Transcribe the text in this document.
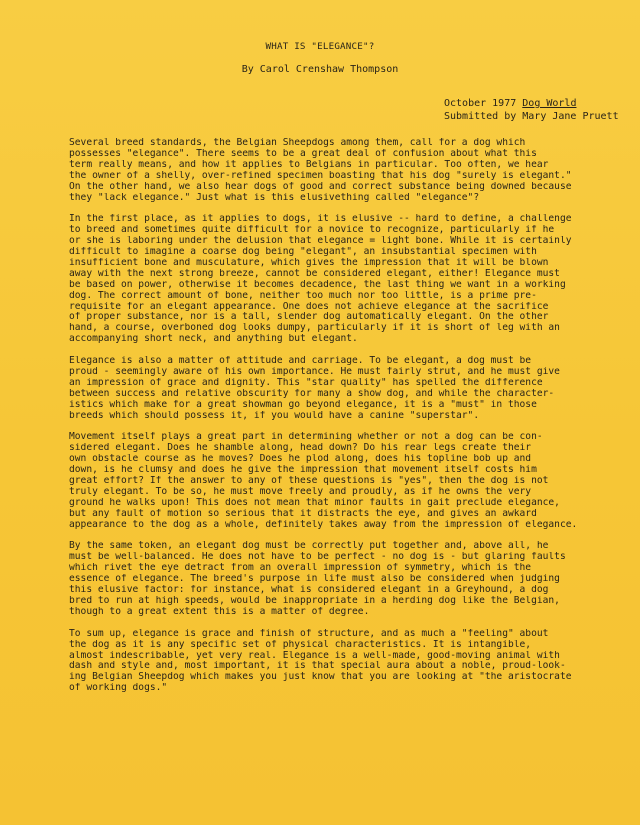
WHAT IS "ELEGANCE"?
By Carol Crenshaw Thompson
October 1977 Dog World
Submitted by Mary Jane Pruett
Several breed standards, the Belgian Sheepdogs among them, call for a dog which
possesses "elegance". There seems to be a great deal of confusion about what this
term really means, and how it applies to Belgians in particular. Too often, we hear
the owner of a shelly, over-refined specimen boasting that his dog "surely is elegant."
On the other hand, we also hear dogs of good and correct substance being downed because
they "lack elegance." Just what is this elusivething called "elegance"?
In the first place, as it applies to dogs, it is elusive -- hard to define, a challenge
to breed and sometimes quite difficult for a novice to recognize, particularly if he
or she is laboring under the delusion that elegance = light bone. While it is certainly
difficult to imagine a coarse dog being "elegant", an insubstantial specimen with
insufficient bone and musculature, which gives the impression that it will be blown
away with the next strong breeze, cannot be considered elegant, either! Elegance must
be based on power, otherwise it becomes decadence, the last thing we want in a working
dog. The correct amount of bone, neither too much nor too little, is a prime pre-
requisite for an elegant appearance. One does not achieve elegance at the sacrifice
of proper substance, nor is a tall, slender dog automatically elegant. On the other
hand, a course, overboned dog looks dumpy, particularly if it is short of leg with an
accompanying short neck, and anything but elegant.
Elegance is also a matter of attitude and carriage. To be elegant, a dog must be
proud - seemingly aware of his own importance. He must fairly strut, and he must give
an impression of grace and dignity. This "star quality" has spelled the difference
between success and relative obscurity for many a show dog, and while the character-
istics which make for a great showman go beyond elegance, it is a "must" in those
breeds which should possess it, if you would have a canine "superstar".
Movement itself plays a great part in determining whether or not a dog can be con-
sidered elegant. Does he shamble along, head down? Do his rear legs create their
own obstacle course as he moves? Does he plod along, does his topline bob up and
down, is he clumsy and does he give the impression that movement itself costs him
great effort? If the answer to any of these questions is "yes", then the dog is not
truly elegant. To be so, he must move freely and proudly, as if he owns the very
ground he walks upon! This does not mean that minor faults in gait preclude elegance,
but any fault of motion so serious that it distracts the eye, and gives an awkard
appearance to the dog as a whole, definitely takes away from the impression of elegance.
By the same token, an elegant dog must be correctly put together and, above all, he
must be well-balanced. He does not have to be perfect - no dog is - but glaring faults
which rivet the eye detract from an overall impression of symmetry, which is the
essence of elegance. The breed's purpose in life must also be considered when judging
this elusive factor: for instance, what is considered elegant in a Greyhound, a dog
bred to run at high speeds, would be inappropriate in a herding dog like the Belgian,
though to a great extent this is a matter of degree.
To sum up, elegance is grace and finish of structure, and as much a "feeling" about
the dog as it is any specific set of physical characteristics. It is intangible,
almost indescribable, yet very real. Elegance is a well-made, good-moving animal with
dash and style and, most important, it is that special aura about a noble, proud-look-
ing Belgian Sheepdog which makes you just know that you are looking at "the aristocrate
of working dogs."
